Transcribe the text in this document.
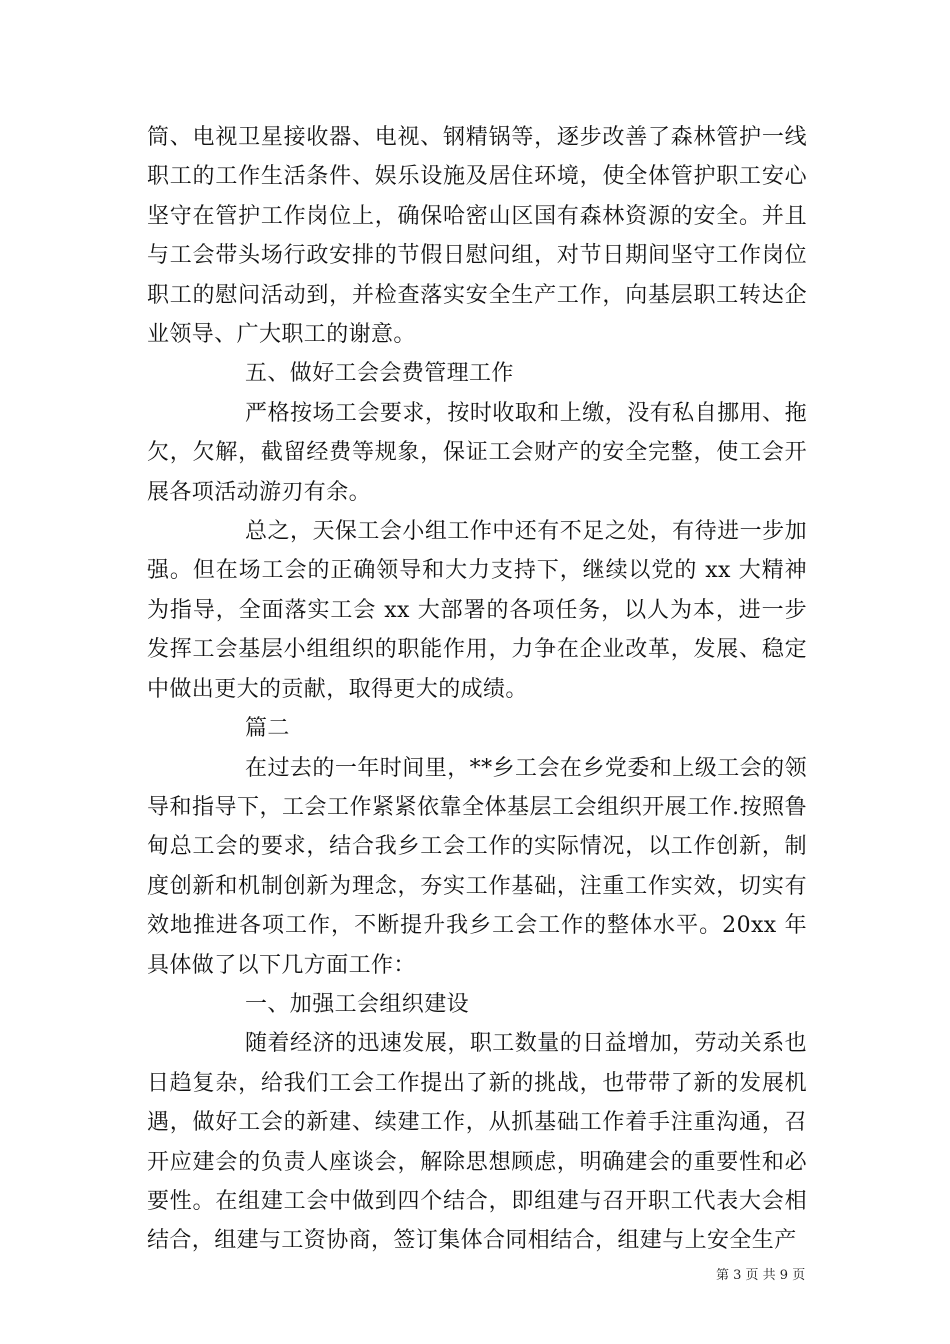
筒、电视卫星接收器、电视、钢精锅等，逐步改善了森林管护一线职工的工作生活条件、娱乐设施及居住环境，使全体管护职工安心坚守在管护工作岗位上，确保哈密山区国有森林资源的安全。并且与工会带头场行政安排的节假日慰问组，对节日期间坚守工作岗位职工的慰问活动到，并检查落实安全生产工作，向基层职工转达企业领导、广大职工的谢意。

五、做好工会会费管理工作

严格按场工会要求，按时收取和上缴，没有私自挪用、拖欠，欠解，截留经费等规象，保证工会财产的安全完整，使工会开展各项活动游刃有余。

总之，天保工会小组工作中还有不足之处，有待进一步加强。但在场工会的正确领导和大力支持下，继续以党的 xx 大精神为指导，全面落实工会 xx 大部署的各项任务，以人为本，进一步发挥工会基层小组组织的职能作用，力争在企业改革，发展、稳定中做出更大的贡献，取得更大的成绩。

篇二

在过去的一年时间里，**乡工会在乡党委和上级工会的领导和指导下，工会工作紧紧依靠全体基层工会组织开展工作.按照鲁甸总工会的要求，结合我乡工会工作的实际情况，以工作创新，制度创新和机制创新为理念，夯实工作基础，注重工作实效，切实有效地推进各项工作，不断提升我乡工会工作的整体水平。20xx 年具体做了以下几方面工作：

一、加强工会组织建设

随着经济的迅速发展，职工数量的日益增加，劳动关系也日趋复杂，给我们工会工作提出了新的挑战，也带带了新的发展机遇，做好工会的新建、续建工作，从抓基础工作着手注重沟通，召开应建会的负责人座谈会，解除思想顾虑，明确建会的重要性和必要性。在组建工会中做到四个结合，即组建与召开职工代表大会相结合，组建与工资协商，签订集体合同相结合，组建与上安全生产

第 3 页 共 9 页
